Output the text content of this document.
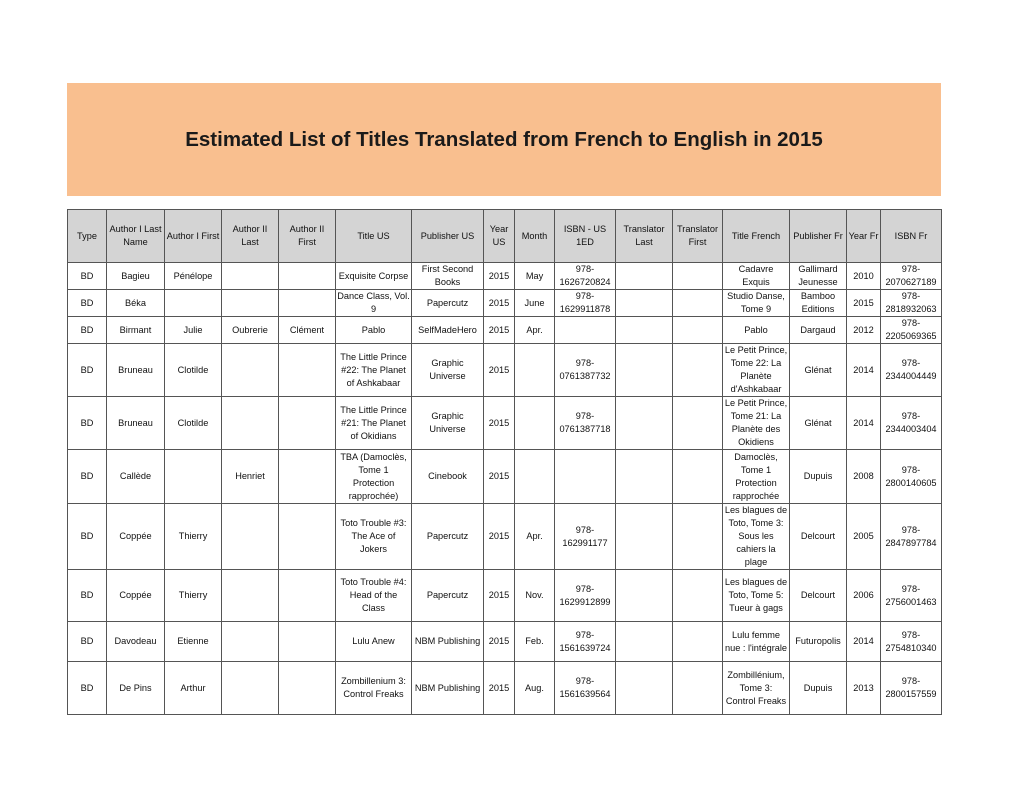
Estimated List of Titles Translated from French to English in 2015
Type	Author I Last Name	Author I First	Author II Last	Author II First	Title US	Publisher US	Year US	Month	ISBN - US 1ED	Translator Last	Translator First	Title French	Publisher Fr	Year Fr	ISBN Fr
BD	Bagieu	Pénélope			Exquisite Corpse	First Second Books	2015	May	978-1626720824			Cadavre Exquis	Gallimard Jeunesse	2010	978-2070627189
BD	Béka				Dance Class, Vol. 9	Papercutz	2015	June	978-1629911878			Studio Danse, Tome 9	Bamboo Editions	2015	978-2818932063
BD	Birmant	Julie	Oubrerie	Clément	Pablo	SelfMadeHero	2015	Apr.				Pablo	Dargaud	2012	978-2205069365
BD	Bruneau	Clotilde			The Little Prince #22: The Planet of Ashkabaar	Graphic Universe	2015		978-0761387732			Le Petit Prince, Tome 22: La Planète d'Ashkabaar	Glénat	2014	978-2344004449
BD	Bruneau	Clotilde			The Little Prince #21: The Planet of Okidians	Graphic Universe	2015		978-0761387718			Le Petit Prince, Tome 21: La Planète des Okidiens	Glénat	2014	978-2344003404
BD	Callède		Henriet		TBA (Damoclès, Tome 1 Protection rapprochée)	Cinebook	2015					Damoclès, Tome 1 Protection rapprochée	Dupuis	2008	978-2800140605
BD	Coppée	Thierry			Toto Trouble #3: The Ace of Jokers	Papercutz	2015	Apr.	978-162991177			Les blagues de Toto, Tome 3: Sous les cahiers la plage	Delcourt	2005	978-2847897784
BD	Coppée	Thierry			Toto Trouble #4: Head of the Class	Papercutz	2015	Nov.	978-1629912899			Les blagues de Toto, Tome 5: Tueur à gags	Delcourt	2006	978-2756001463
BD	Davodeau	Etienne			Lulu Anew	NBM Publishing	2015	Feb.	978-1561639724			Lulu femme nue : l'intégrale	Futuropolis	2014	978-2754810340
BD	De Pins	Arthur			Zombillenium 3: Control Freaks	NBM Publishing	2015	Aug.	978-1561639564			Zombillénium, Tome 3: Control Freaks	Dupuis	2013	978-2800157559
